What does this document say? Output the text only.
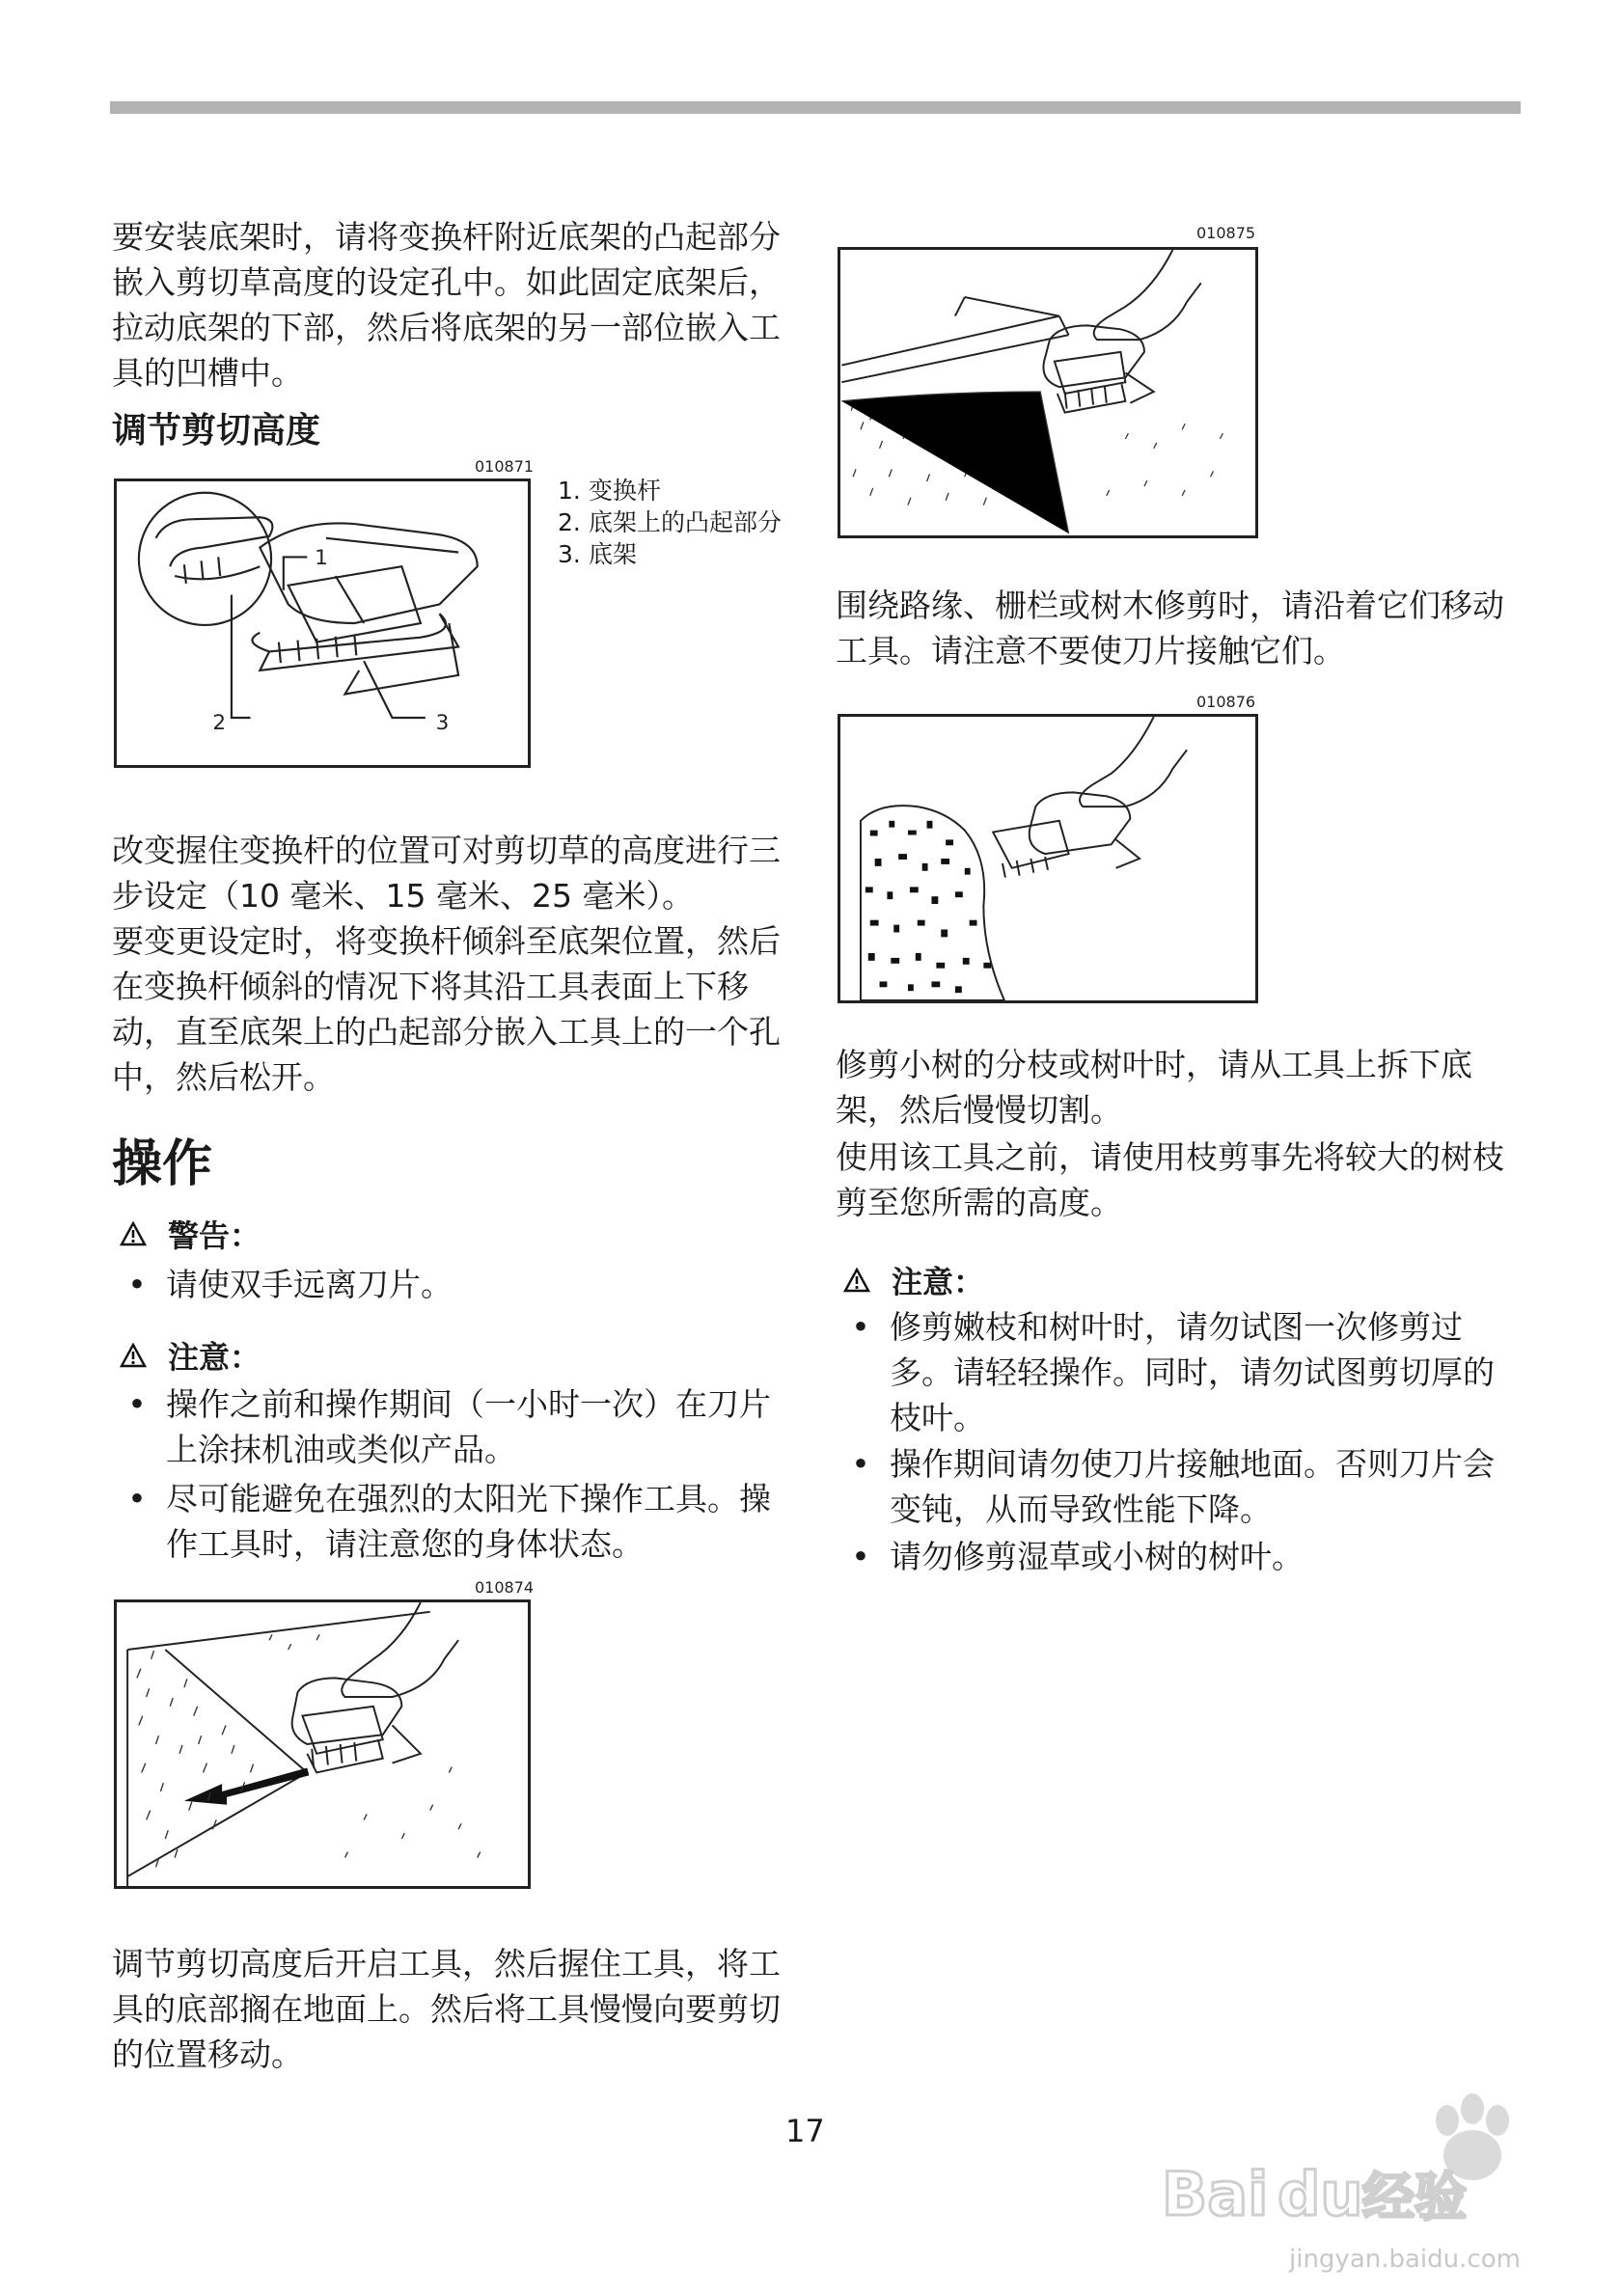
要安装底架时，请将变换杆附近底架的凸起部分嵌入剪切草高度的设定孔中。如此固定底架后，拉动底架的下部，然后将底架的另一部位嵌入工具的凹槽中。

调节剪切高度

010871
1
2	3
1. 变换杆
2. 底架上的凸起部分
3. 底架

改变握住变换杆的位置可对剪切草的高度进行三步设定（10 毫米、15 毫米、25 毫米）。

要变更设定时，将变换杆倾斜至底架位置，然后在变换杆倾斜的情况下将其沿工具表面上下移动，直至底架上的凸起部分嵌入工具上的一个孔中，然后松开。

操作

警告：
• 请使双手远离刀片。
注意：
• 操作之前和操作期间（一小时一次）在刀片上涂抹机油或类似产品。
• 尽可能避免在强烈的太阳光下操作工具。操作工具时，请注意您的身体状态。
010874

调节剪切高度后开启工具，然后握住工具，将工具的底部搁在地面上。然后将工具慢慢向要剪切的位置移动。

010875

围绕路缘、栅栏或树木修剪时，请沿着它们移动工具。请注意不要使刀片接触它们。

010876

修剪小树的分枝或树叶时，请从工具上拆下底架，然后慢慢切割。

使用该工具之前，请使用枝剪事先将较大的树枝剪至您所需的高度。

注意：
• 修剪嫩枝和树叶时，请勿试图一次修剪过多。请轻轻操作。同时，请勿试图剪切厚的枝叶。
• 操作期间请勿使刀片接触地面。否则刀片会变钝，从而导致性能下降。
• 请勿修剪湿草或小树的树叶。
17
Bai du 经验
jingyan.baidu.com
